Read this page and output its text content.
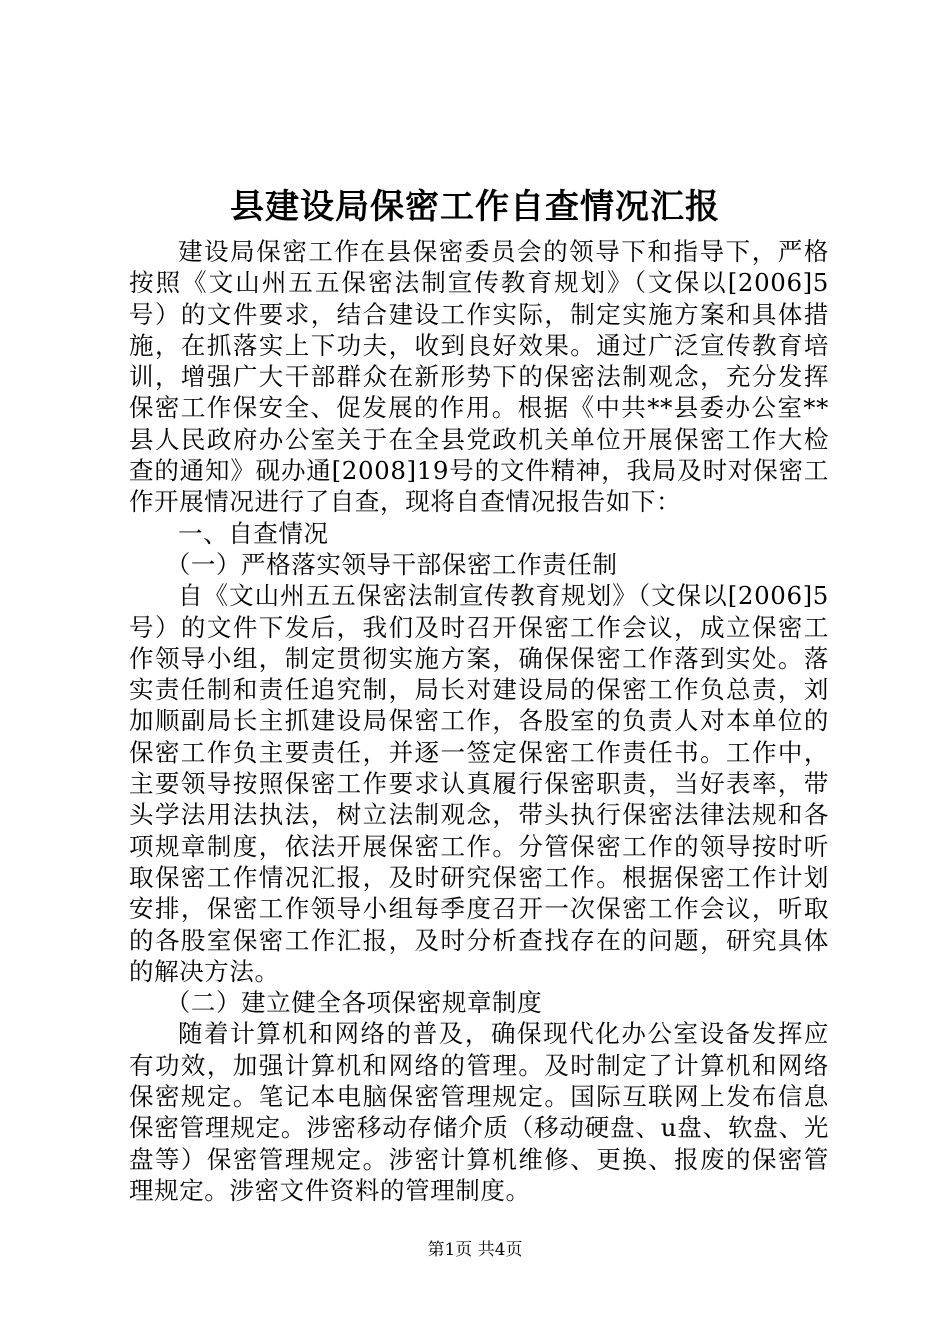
县建设局保密工作自查情况汇报

建设局保密工作在县保密委员会的领导下和指导下，严格按照《文山州五五保密法制宣传教育规划》（文保以[2006]5号）的文件要求，结合建设工作实际，制定实施方案和具体措施，在抓落实上下功夫，收到良好效果。通过广泛宣传教育培训，增强广大干部群众在新形势下的保密法制观念，充分发挥保密工作保安全、促发展的作用。根据《中共**县委办公室**县人民政府办公室关于在全县党政机关单位开展保密工作大检查的通知》砚办通[2008]19号的文件精神，我局及时对保密工作开展情况进行了自查，现将自查情况报告如下：

一、自查情况

（一）严格落实领导干部保密工作责任制

自《文山州五五保密法制宣传教育规划》（文保以[2006]5号）的文件下发后，我们及时召开保密工作会议，成立保密工作领导小组，制定贯彻实施方案，确保保密工作落到实处。落实责任制和责任追究制，局长对建设局的保密工作负总责，刘加顺副局长主抓建设局保密工作，各股室的负责人对本单位的保密工作负主要责任，并逐一签定保密工作责任书。工作中，主要领导按照保密工作要求认真履行保密职责，当好表率，带头学法用法执法，树立法制观念，带头执行保密法律法规和各项规章制度，依法开展保密工作。分管保密工作的领导按时听取保密工作情况汇报，及时研究保密工作。根据保密工作计划安排，保密工作领导小组每季度召开一次保密工作会议，听取的各股室保密工作汇报，及时分析查找存在的问题，研究具体的解决方法。

（二）建立健全各项保密规章制度

随着计算机和网络的普及，确保现代化办公室设备发挥应有功效，加强计算机和网络的管理。及时制定了计算机和网络保密规定。笔记本电脑保密管理规定。国际互联网上发布信息保密管理规定。涉密移动存储介质（移动硬盘、u盘、软盘、光盘等）保密管理规定。涉密计算机维修、更换、报废的保密管理规定。涉密文件资料的管理制度。

第1页 共4页
